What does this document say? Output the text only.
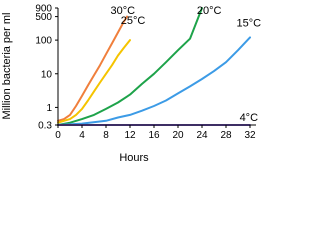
Million bacteria per ml
Hours
0 4 8 12 16 20 24 28 32
0.3
1
10
100
500
900	30°C
25°C
20°C
15°C
4°C
